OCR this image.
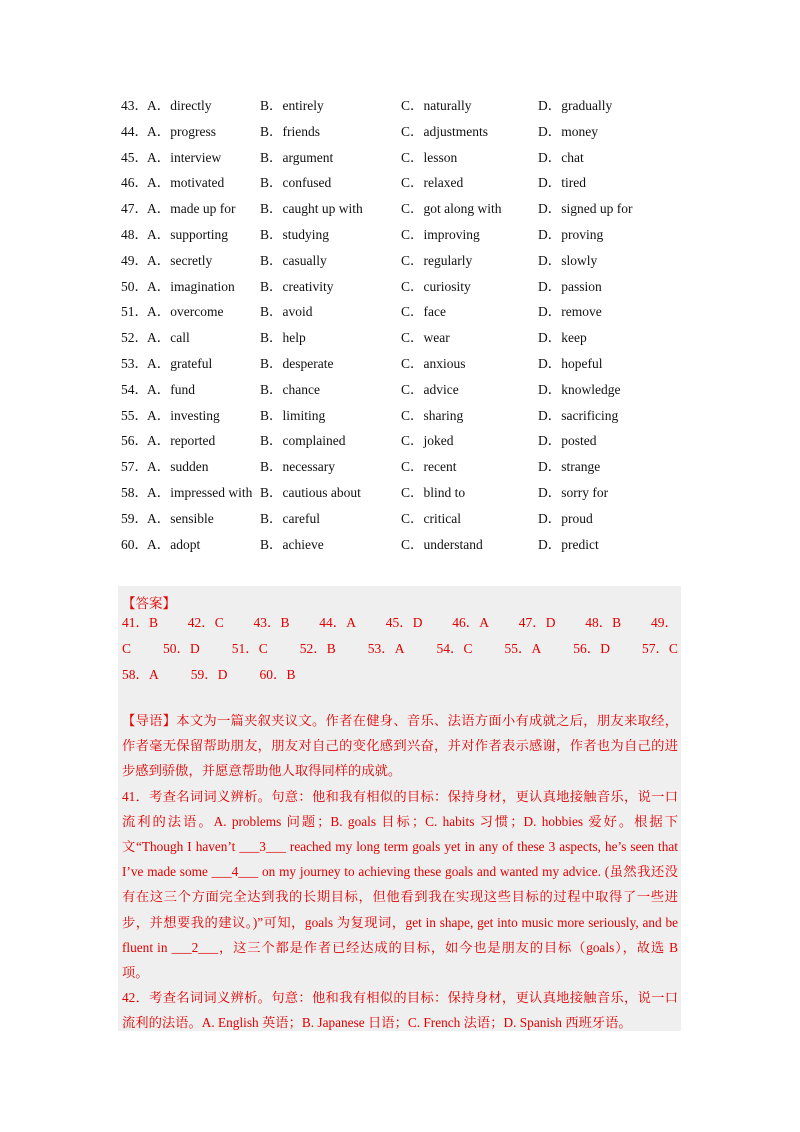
43． A．directly	B．entirely	C．naturally	D．gradually
44． A．progress	B．friends	C．adjustments	D．money
45． A．interview	B．argument	C．lesson	D．chat
46． A．motivated	B．confused	C．relaxed	D．tired
47． A．made up for B．caught up with	C．got along with	D．signed up for
48． A．supporting B．studying	C．improving	D．proving
49． A．secretly	B．casually	C．regularly	D．slowly
50． A．imagination B．creativity	C．curiosity	D．passion
51． A．overcome	B．avoid	C．face	D．remove
52． A．call	B．help	C．wear	D．keep
53． A．grateful	B．desperate	C．anxious	D．hopeful
54． A．fund	B．chance	C．advice	D．knowledge
55． A．investing	B．limiting	C．sharing	D．sacrificing
56． A．reported	B．complained	C．joked	D．posted
57． A．sudden	B．necessary	C．recent	D．strange
58． A．impressed with B．cautious about	C．blind to	D．sorry for
59． A．sensible	B．careful	C．critical	D．proud
60． A．adopt	B．achieve	C．understand	D．predict
【答案】
41．B 42．C 43．B 44．A 45．D 46．A 47．D 48．B 49．
C 50．D 51．C 52．B 53．A 54．C 55．A 56．D 57．C
58．A 59．D 60．B

【导语】本文为一篇夹叙夹议文。作者在健身、音乐、法语方面小有成就之后，朋友来取经，作者毫无保留帮助朋友，朋友对自己的变化感到兴奋，并对作者表示感谢，作者也为自己的进步感到骄傲，并愿意帮助他人取得同样的成就。

41．考查名词词义辨析。句意：他和我有相似的目标：保持身材，更认真地接触音乐，说一口流利的法语。A. problems 问题；B. goals 目标；C. habits 习惯；D. hobbies 爱好。根据下文“Though I haven’t ___3___ reached my long term goals yet in any of these 3 aspects, he’s seen that I’ve made some ___4___ on my journey to achieving these goals and wanted my advice. (虽然我还没有在这三个方面完全达到我的长期目标，但他看到我在实现这些目标的过程中取得了一些进步，并想要我的建议。)”可知，goals 为复现词，get in shape, get into music more seriously, and be fluent in ___2___，这三个都是作者已经达成的目标，如今也是朋友的目标（goals），故选 B 项。

42．考查名词词义辨析。句意：他和我有相似的目标：保持身材，更认真地接触音乐，说一口流利的法语。A. English 英语；B. Japanese 日语；C. French 法语；D. Spanish 西班牙语。
